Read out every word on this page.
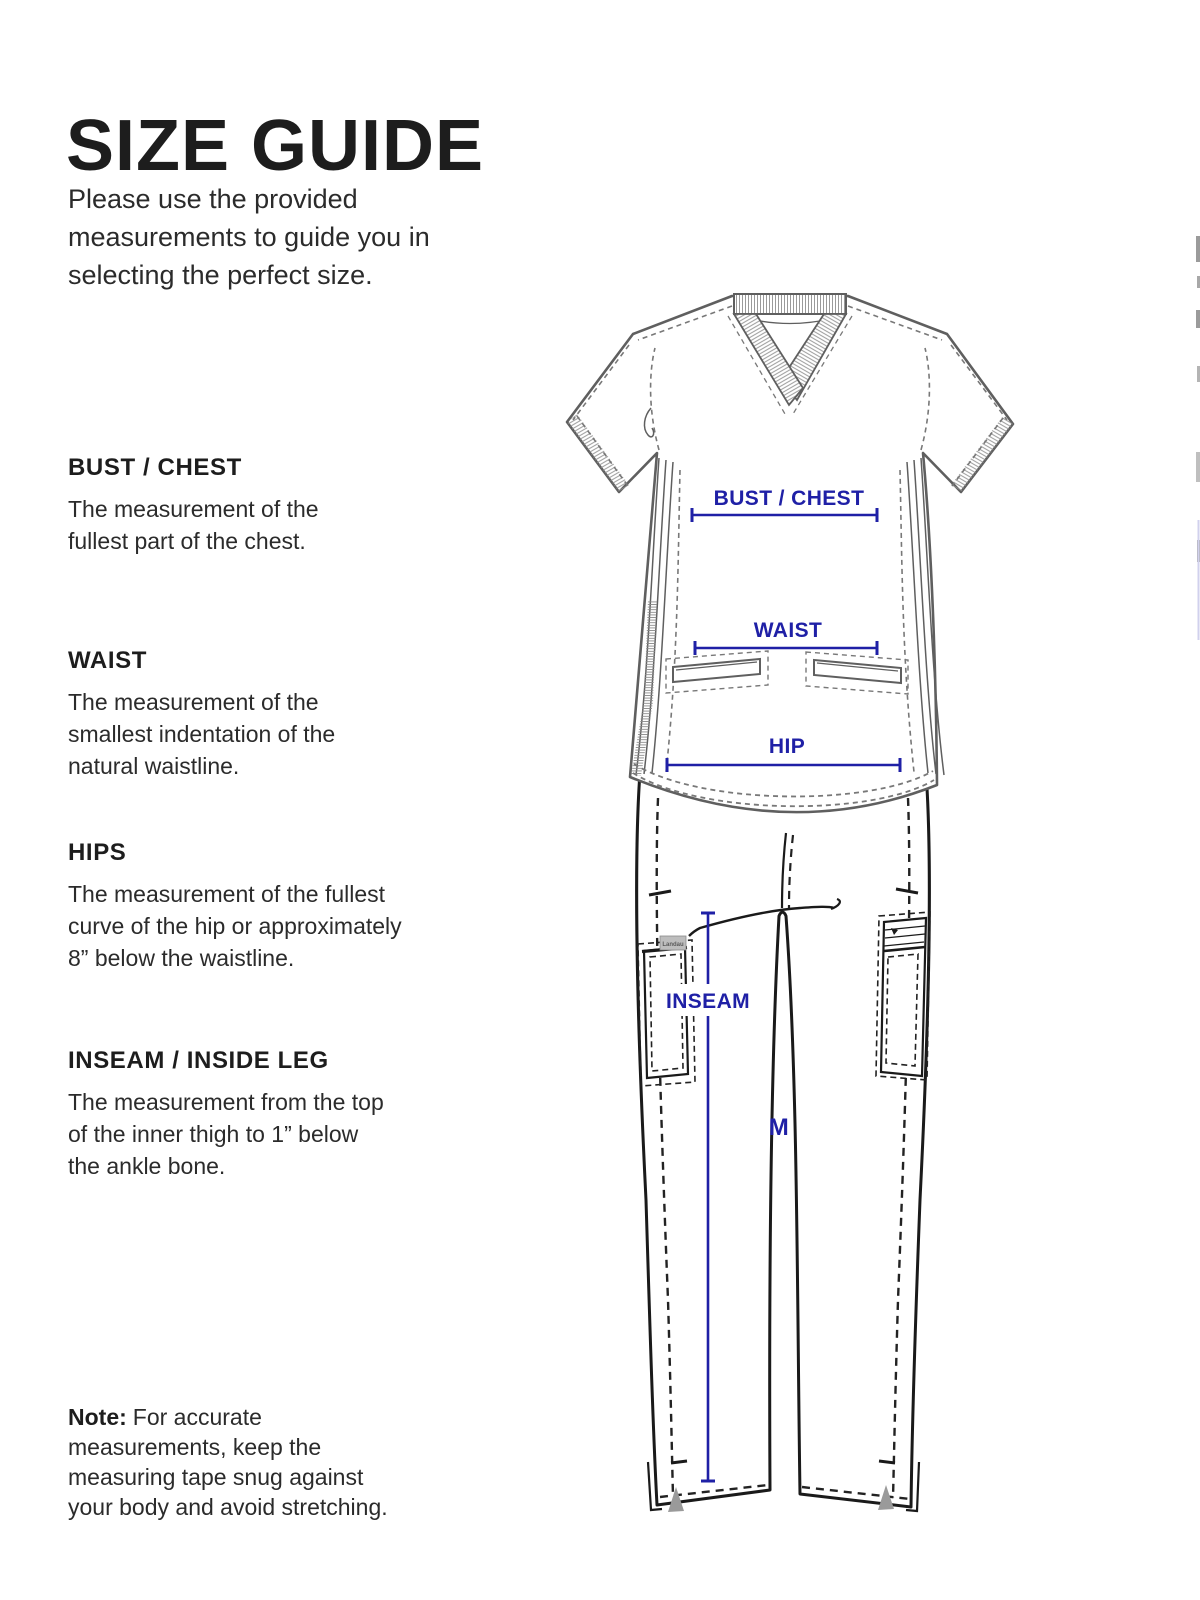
Landau
BUST / CHEST
WAIST
HIP
INSEAM
M
SIZE GUIDE
Please use the provided
measurements to guide you in
selecting the perfect size.
BUST / CHEST
The measurement of the
fullest part of the chest.
WAIST
The measurement of the
smallest indentation of the
natural waistline.
HIPS
The measurement of the fullest
curve of the hip or approximately
8” below the waistline.
INSEAM / INSIDE LEG
The measurement from the top
of the inner thigh to 1” below
the ankle bone.
Note: For accurate
measurements, keep the
measuring tape snug against
your body and avoid stretching.
